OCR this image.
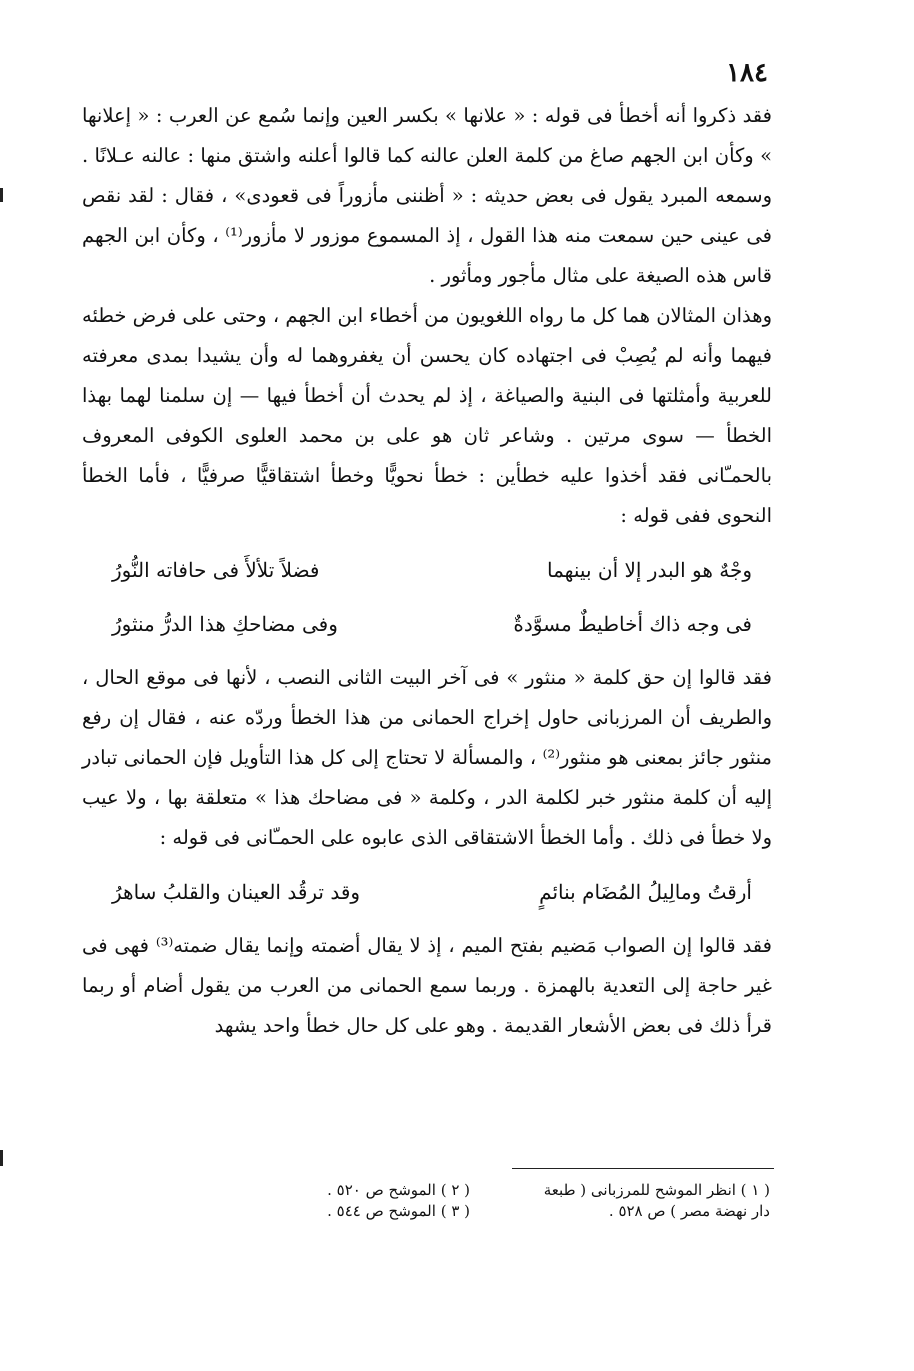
١٨٤

فقد ذكروا أنه أخطأ فى قوله : « علانها » بكسر العين وإنما سُمع عن العرب : « إعلانها » وكأن ابن الجهم صاغ من كلمة العلن عالنه كما قالوا أعلنه واشتق منها : عالنه عـلانًا . وسمعه المبرد يقول فى بعض حديثه : « أظننى مأزوراً فى قعودى» ، فقال : لقد نقص فى عينى حين سمعت منه هذا القول ، إذ المسموع موزور لا مأزور⁽¹⁾ ، وكأن ابن الجهم قاس هذه الصيغة على مثال مأجور ومأثور .

وهذان المثالان هما كل ما رواه اللغويون من أخطاء ابن الجهم ، وحتى على فرض خطئه فيهما وأنه لم يُصِبْ فى اجتهاده كان يحسن أن يغفروهما له وأن يشيدا بمدى معرفته للعربية وأمثلتها فى البنية والصياغة ، إذ لم يحدث أن أخطأ فيها — إن سلمنا لهما بهذا الخطأ — سوى مرتين . وشاعر ثان هو على بن محمد العلوى الكوفى المعروف بالحمـّانى فقد أخذوا عليه خطأين : خطأ نحويًّا وخطأ اشتقاقيًّا صرفيًّا ، فأما الخطأ النحوى ففى قوله :

وجْهٌ هو البدر إلا أن بينهما
فضلاً تلألأَ فى حافاته النُّورُ
فى وجه ذاك أخاطيطٌ مسوَّدةٌ
وفى مضاحكِ هذا الدرُّ منثورُ

فقد قالوا إن حق كلمة « منثور » فى آخر البيت الثانى النصب ، لأنها فى موقع الحال ، والطريف أن المرزبانى حاول إخراج الحمانى من هذا الخطأ وردّه عنه ، فقال إن رفع منثور جائز بمعنى هو منثور⁽²⁾ ، والمسألة لا تحتاج إلى كل هذا التأويل فإن الحمانى تبادر إليه أن كلمة منثور خبر لكلمة الدر ، وكلمة « فى مضاحك هذا » متعلقة بها ، ولا عيب ولا خطأ فى ذلك . وأما الخطأ الاشتقاقى الذى عابوه على الحمـّانى فى قوله :

أرقتُ ومالِيلُ المُضَام بنائمٍ
وقد ترقُد العينان والقلبُ ساهرُ

فقد قالوا إن الصواب مَضيم بفتح الميم ، إذ لا يقال أضمته وإنما يقال ضمته⁽³⁾ فهى فى غير حاجة إلى التعدية بالهمزة . وربما سمع الحمانى من العرب من يقول أضام أو ربما قرأ ذلك فى بعض الأشعار القديمة . وهو على كل حال خطأ واحد يشهد

( ١ ) انظر الموشح للمرزبانى ( طبعة
دار نهضة مصر ) ص ٥٢٨ .
( ٢ ) الموشح ص ٥٢٠ .
( ٣ ) الموشح ص ٥٤٤ .
